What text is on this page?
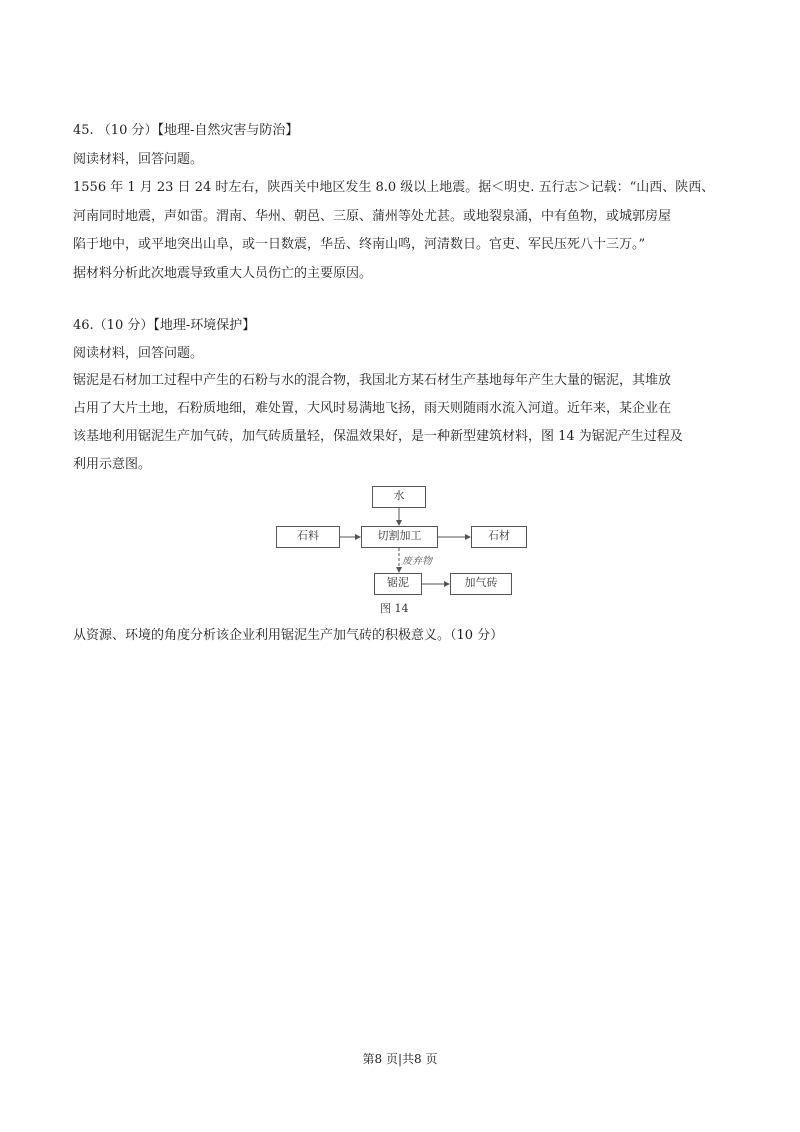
45. （10 分）【地理-自然灾害与防治】
阅读材料，回答问题。
1556 年 1 月 23 日 24 时左右，陕西关中地区发生 8.0 级以上地震。据＜明史. 五行志＞记载：“山西、陕西、
河南同时地震，声如雷。渭南、华州、朝邑、三原、蒲州等处尤甚。或地裂泉涌，中有鱼物，或城郭房屋
陷于地中，或平地突出山阜，或一日数震，华岳、终南山鸣，河清数日。官吏、军民压死八十三万。”
据材料分析此次地震导致重大人员伤亡的主要原因。
46.（10 分）【地理-环境保护】
阅读材料，回答问题。
锯泥是石材加工过程中产生的石粉与水的混合物，我国北方某石材生产基地每年产生大量的锯泥，其堆放
占用了大片土地，石粉质地细，难处置，大风时易满地飞扬，雨天则随雨水流入河道。近年来，某企业在
该基地利用锯泥生产加气砖，加气砖质量轻，保温效果好，是一种新型建筑材料，图 14 为锯泥产生过程及
利用示意图。
水
石料	切割加工	石材
废弃物
锯泥	加气砖
图 14
从资源、环境的角度分析该企业利用锯泥生产加气砖的积极意义。（10 分）
第8 页|共8 页
